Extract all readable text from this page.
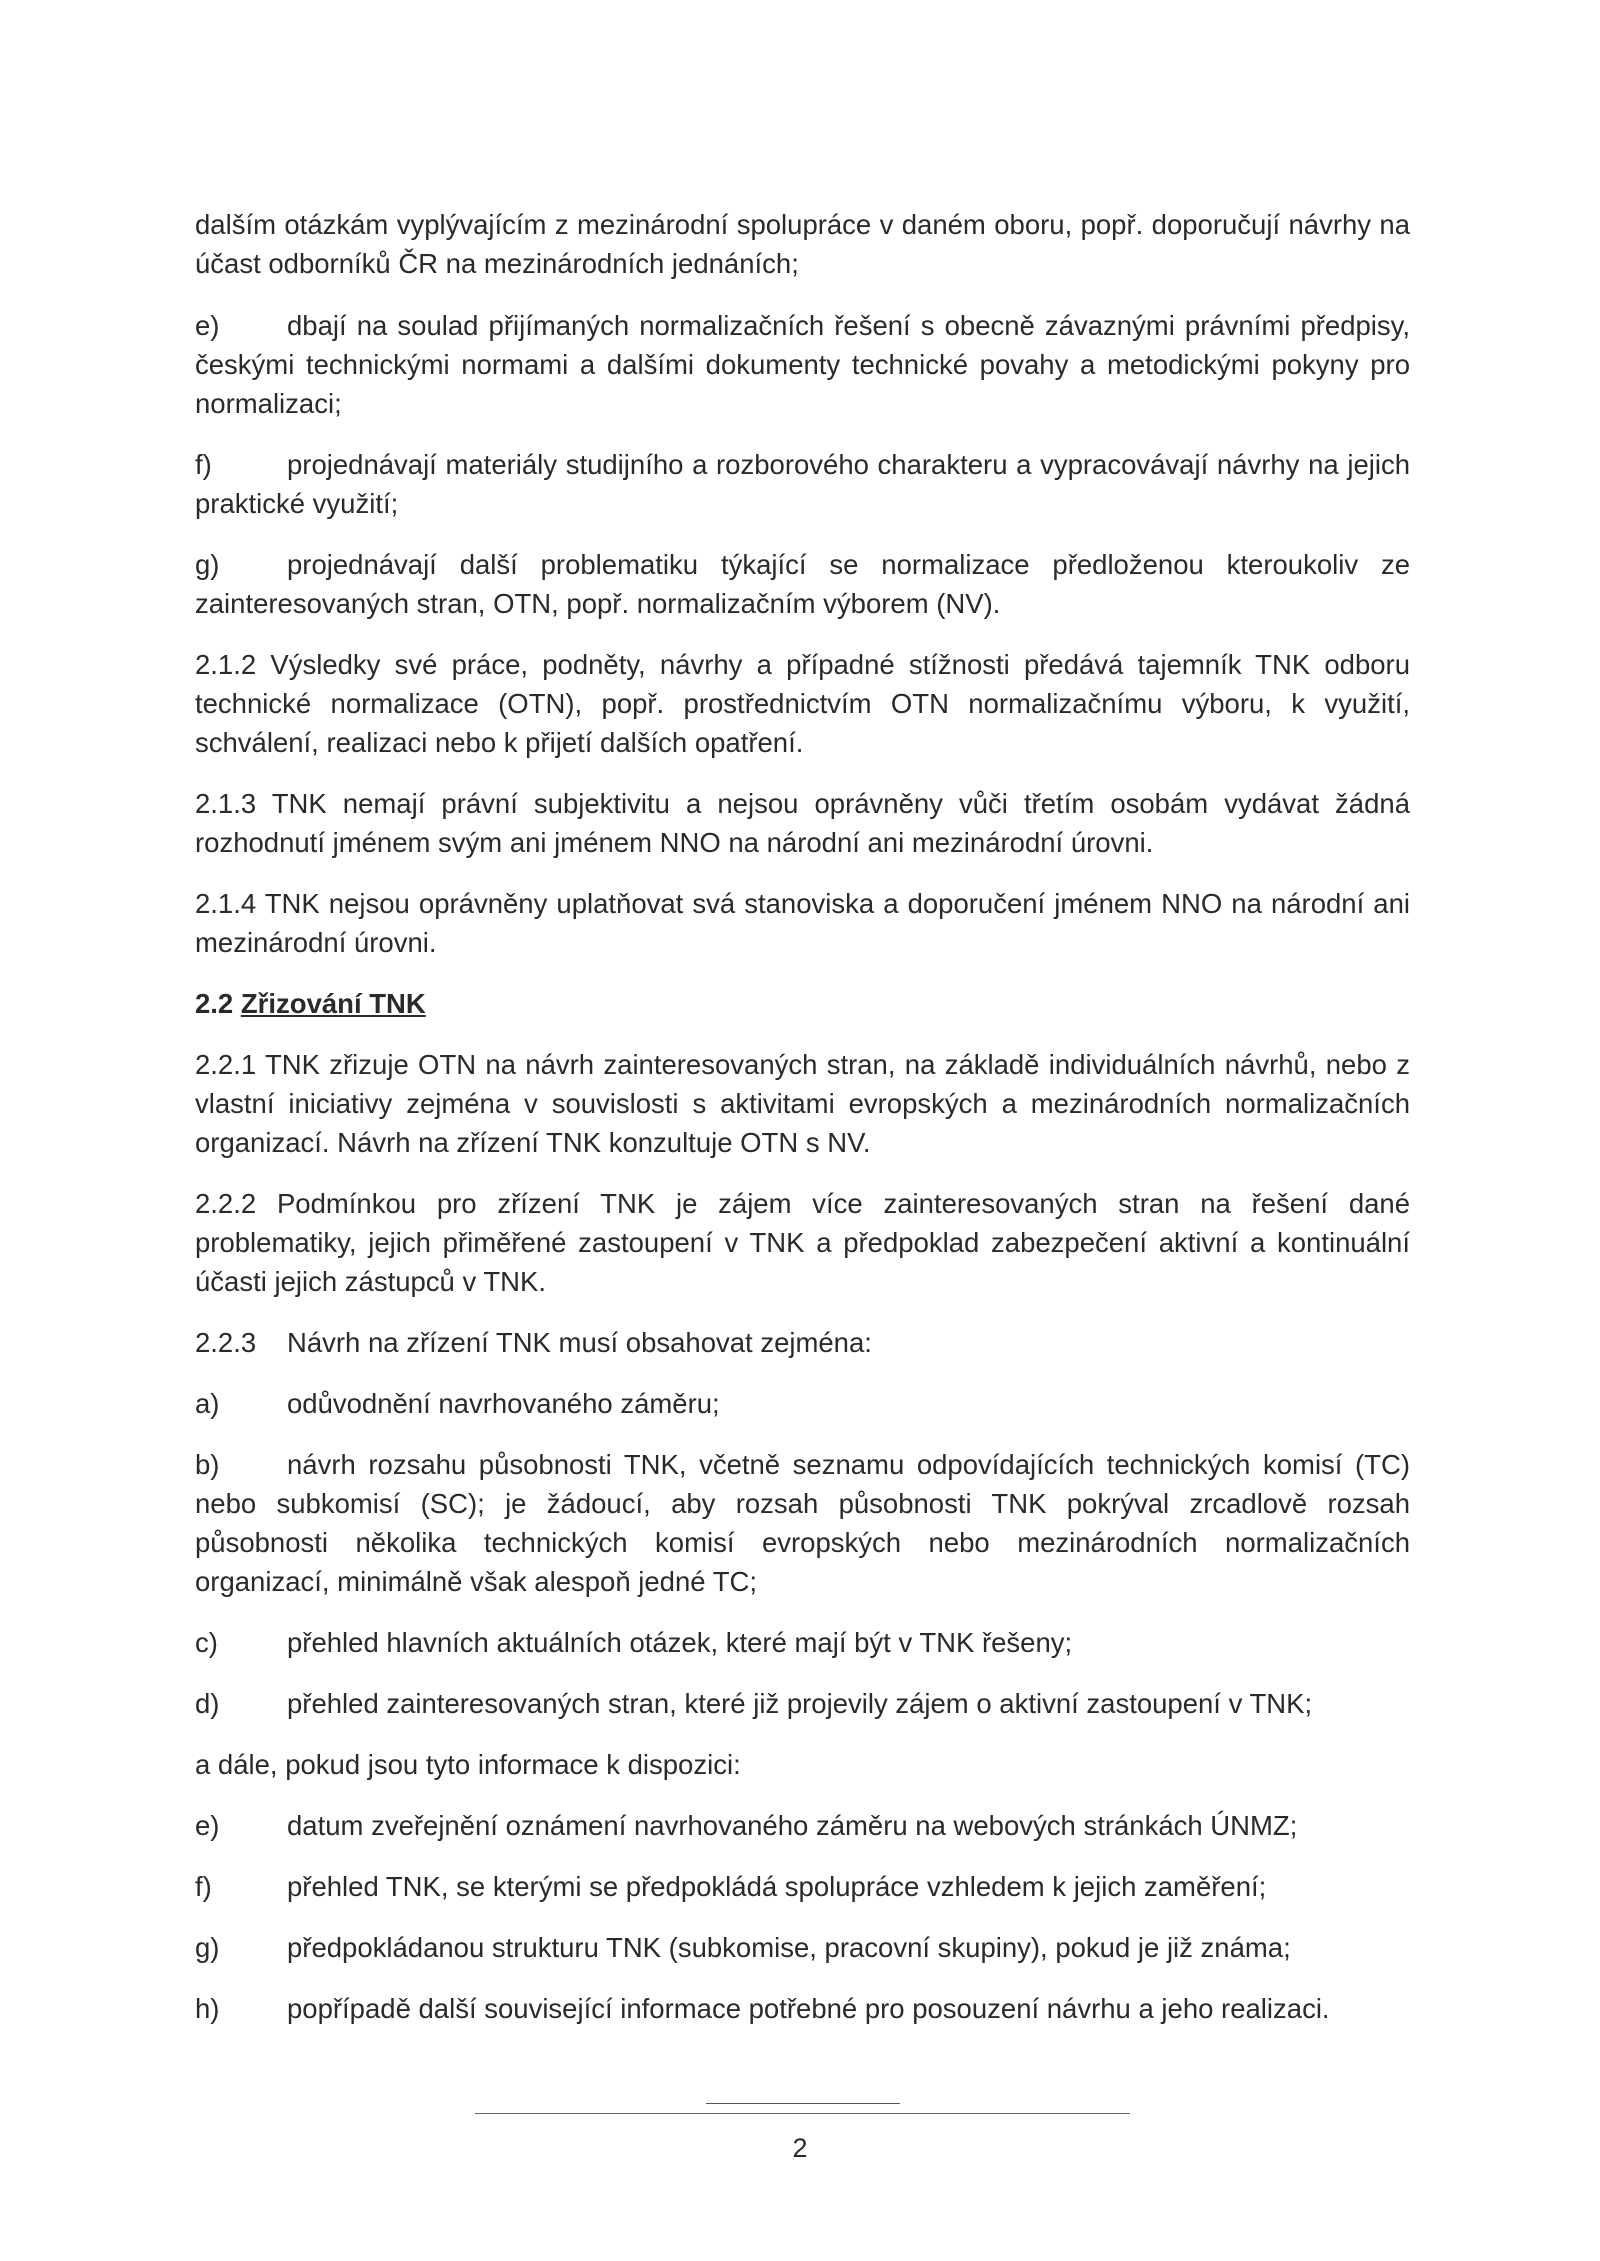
dalším otázkám vyplývajícím z mezinárodní spolupráce v daném oboru, popř. doporučují návrhy na účast odborníků ČR na mezinárodních jednáních;

e) dbají na soulad přijímaných normalizačních řešení s obecně závaznými právními předpisy, českými technickými normami a dalšími dokumenty technické povahy a metodickými pokyny pro normalizaci;
f)	projednávají materiály studijního a rozborového charakteru a vypracovávají návrhy na jejich praktické využití;
g) projednávají další problematiku týkající se normalizace předloženou kteroukoliv ze zainteresovaných stran, OTN, popř. normalizačním výborem (NV).

2.1.2 Výsledky své práce, podněty, návrhy a případné stížnosti předává tajemník TNK odboru technické normalizace (OTN), popř. prostřednictvím OTN normalizačnímu výboru, k využití, schválení, realizaci nebo k přijetí dalších opatření.

2.1.3 TNK nemají právní subjektivitu a nejsou oprávněny vůči třetím osobám vydávat žádná rozhodnutí jménem svým ani jménem NNO na národní ani mezinárodní úrovni.

2.1.4 TNK nejsou oprávněny uplatňovat svá stanoviska a doporučení jménem NNO na národní ani mezinárodní úrovni.

2.2 Zřizování TNK

2.2.1 TNK zřizuje OTN na návrh zainteresovaných stran, na základě individuálních návrhů, nebo z vlastní iniciativy zejména v souvislosti s aktivitami evropských a mezinárodních normalizačních organizací. Návrh na zřízení TNK konzultuje OTN s NV.

2.2.2 Podmínkou pro zřízení TNK je zájem více zainteresovaných stran na řešení dané problematiky, jejich přiměřené zastoupení v TNK a předpoklad zabezpečení aktivní a kontinuální účasti jejich zástupců v TNK.

2.2.3	Návrh na zřízení TNK musí obsahovat zejména:
a)	odůvodnění navrhovaného záměru;
b) návrh rozsahu působnosti TNK, včetně seznamu odpovídajících technických komisí (TC) nebo subkomisí (SC); je žádoucí, aby rozsah působnosti TNK pokrýval zrcadlově rozsah působnosti několika technických komisí evropských nebo mezinárodních normalizačních organizací, minimálně však alespoň jedné TC;
c)	přehled hlavních aktuálních otázek, které mají být v TNK řešeny;
d)	přehled zainteresovaných stran, které již projevily zájem o aktivní zastoupení v TNK;

a dále, pokud jsou tyto informace k dispozici:

e)	datum zveřejnění oznámení navrhovaného záměru na webových stránkách ÚNMZ;
f)	přehled TNK, se kterými se předpokládá spolupráce vzhledem k jejich zaměření;
g)	předpokládanou strukturu TNK (subkomise, pracovní skupiny), pokud je již známa;
h)	popřípadě další související informace potřebné pro posouzení návrhu a jeho realizaci.
2
